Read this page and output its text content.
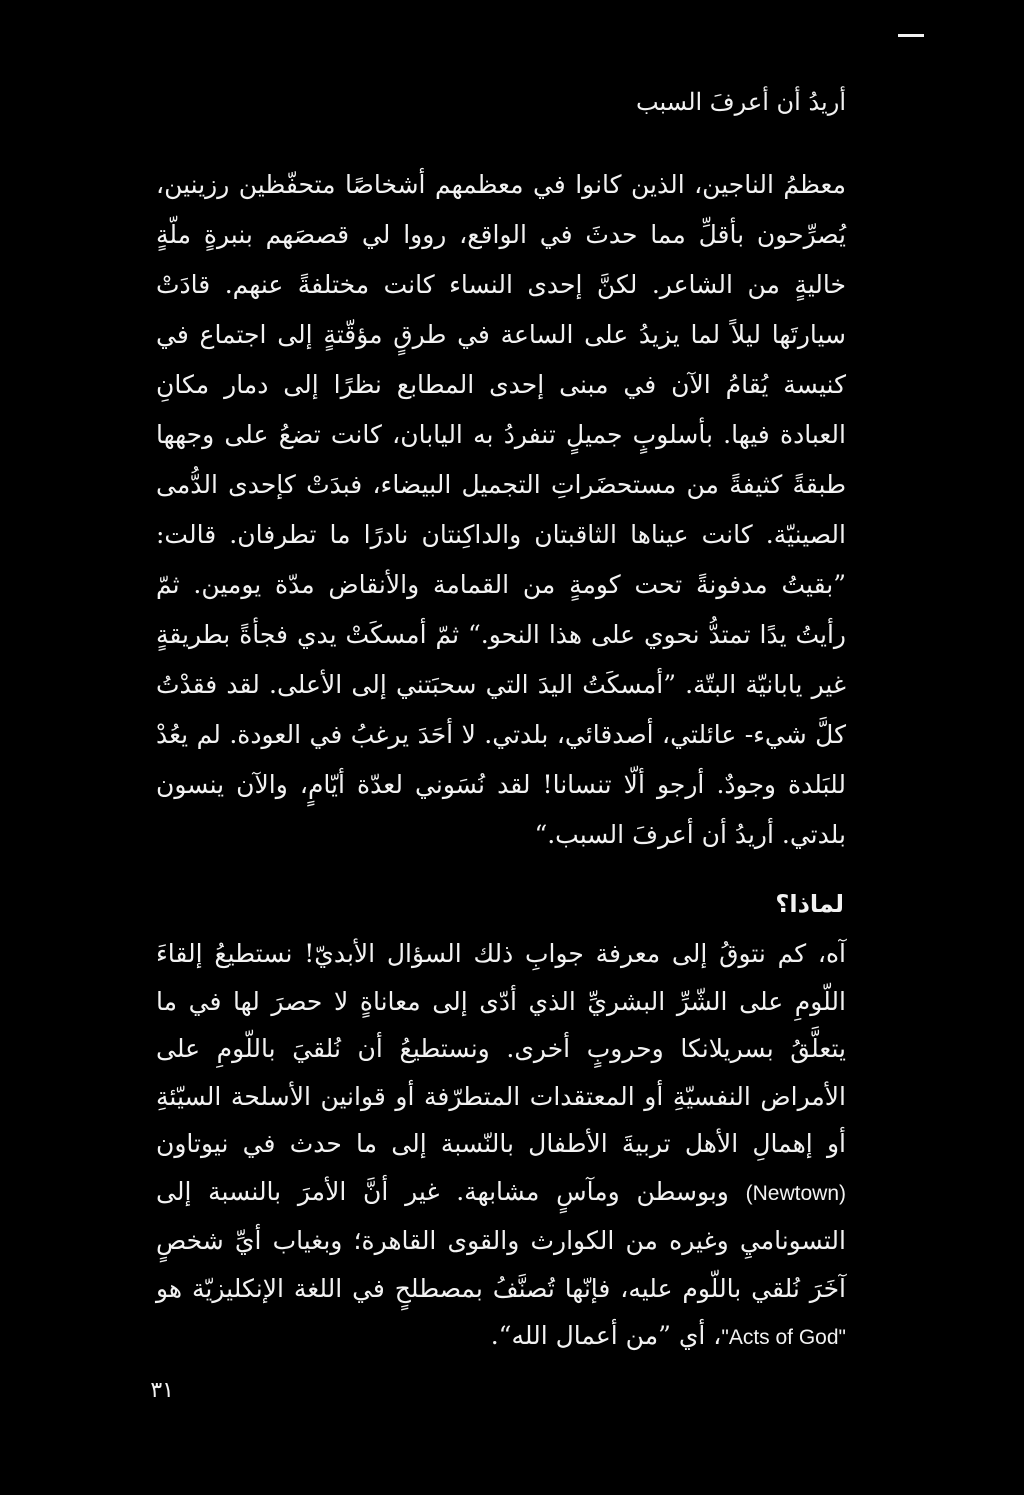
أريدُ أن أعرفَ السبب

معظمُ الناجين، الذين كانوا في معظمهم أشخاصًا متحفّظين رزينين، يُصرِّحون بأقلِّ مما حدثَ في الواقع، رووا لي قصصَهم بنبرةٍ ملّةٍ خاليةٍ من الشاعر. لكنَّ إحدى النساء كانت مختلفةً عنهم. قادَتْ سيارتَها ليلاً لما يزيدُ على الساعة في طرقٍ مؤقّتةٍ إلى اجتماع في كنيسة يُقامُ الآن في مبنى إحدى المطابع نظرًا إلى دمار مكانِ العبادة فيها. بأسلوبٍ جميلٍ تنفردُ به اليابان، كانت تضعُ على وجهها طبقةً كثيفةً من مستحضَراتِ التجميل البيضاء، فبدَتْ كإحدى الدُّمى الصينيّة. كانت عيناها الثاقبتان والداكِنتان نادرًا ما تطرفان. قالت: ”بقيتُ مدفونةً تحت كومةٍ من القمامة والأنقاض مدّة يومين. ثمّ رأيتُ يدًا تمتدُّ نحوي على هذا النحو.“ ثمّ أمسكَتْ يدي فجأةً بطريقةٍ غير يابانيّة البتّة. ”أمسكَتُ اليدَ التي سحبَتني إلى الأعلى. لقد فقدْتُ كلَّ شيء- عائلتي، أصدقائي، بلدتي. لا أحَدَ يرغبُ في العودة. لم يعُدْ للبَلدة وجودٌ. أرجو ألّا تنسانا! لقد نُسَوني لعدّة أيّامٍ، والآن ينسون بلدتي. أريدُ أن أعرفَ السبب.“

لماذا؟

آه، كم نتوقُ إلى معرفة جوابِ ذلك السؤال الأبديّ! نستطيعُ إلقاءَ اللّومِ على الشّرِّ البشريِّ الذي أدّى إلى معاناةٍ لا حصرَ لها في ما يتعلَّقُ بسريلانكا وحروبٍ أخرى. ونستطيعُ أن نُلقيَ باللّومِ على الأمراض النفسيّةِ أو المعتقدات المتطرّفة أو قوانين الأسلحة السيّئةِ أو إهمالِ الأهل تربيةَ الأطفال بالنّسبة إلى ما حدث في نيوتاون (Newtown) وبوسطن ومآسٍ مشابهة. غير أنَّ الأمرَ بالنسبة إلى التسوناميِ وغيره من الكوارث والقوى القاهرة؛ وبغياب أيِّ شخصٍ آخَرَ نُلقي باللّوم عليه، فإنّها تُصنَّفُ بمصطلحٍ في اللغة الإنكليزيّة هو "Acts of God"، أي ”من أعمال الله“.

٣١
